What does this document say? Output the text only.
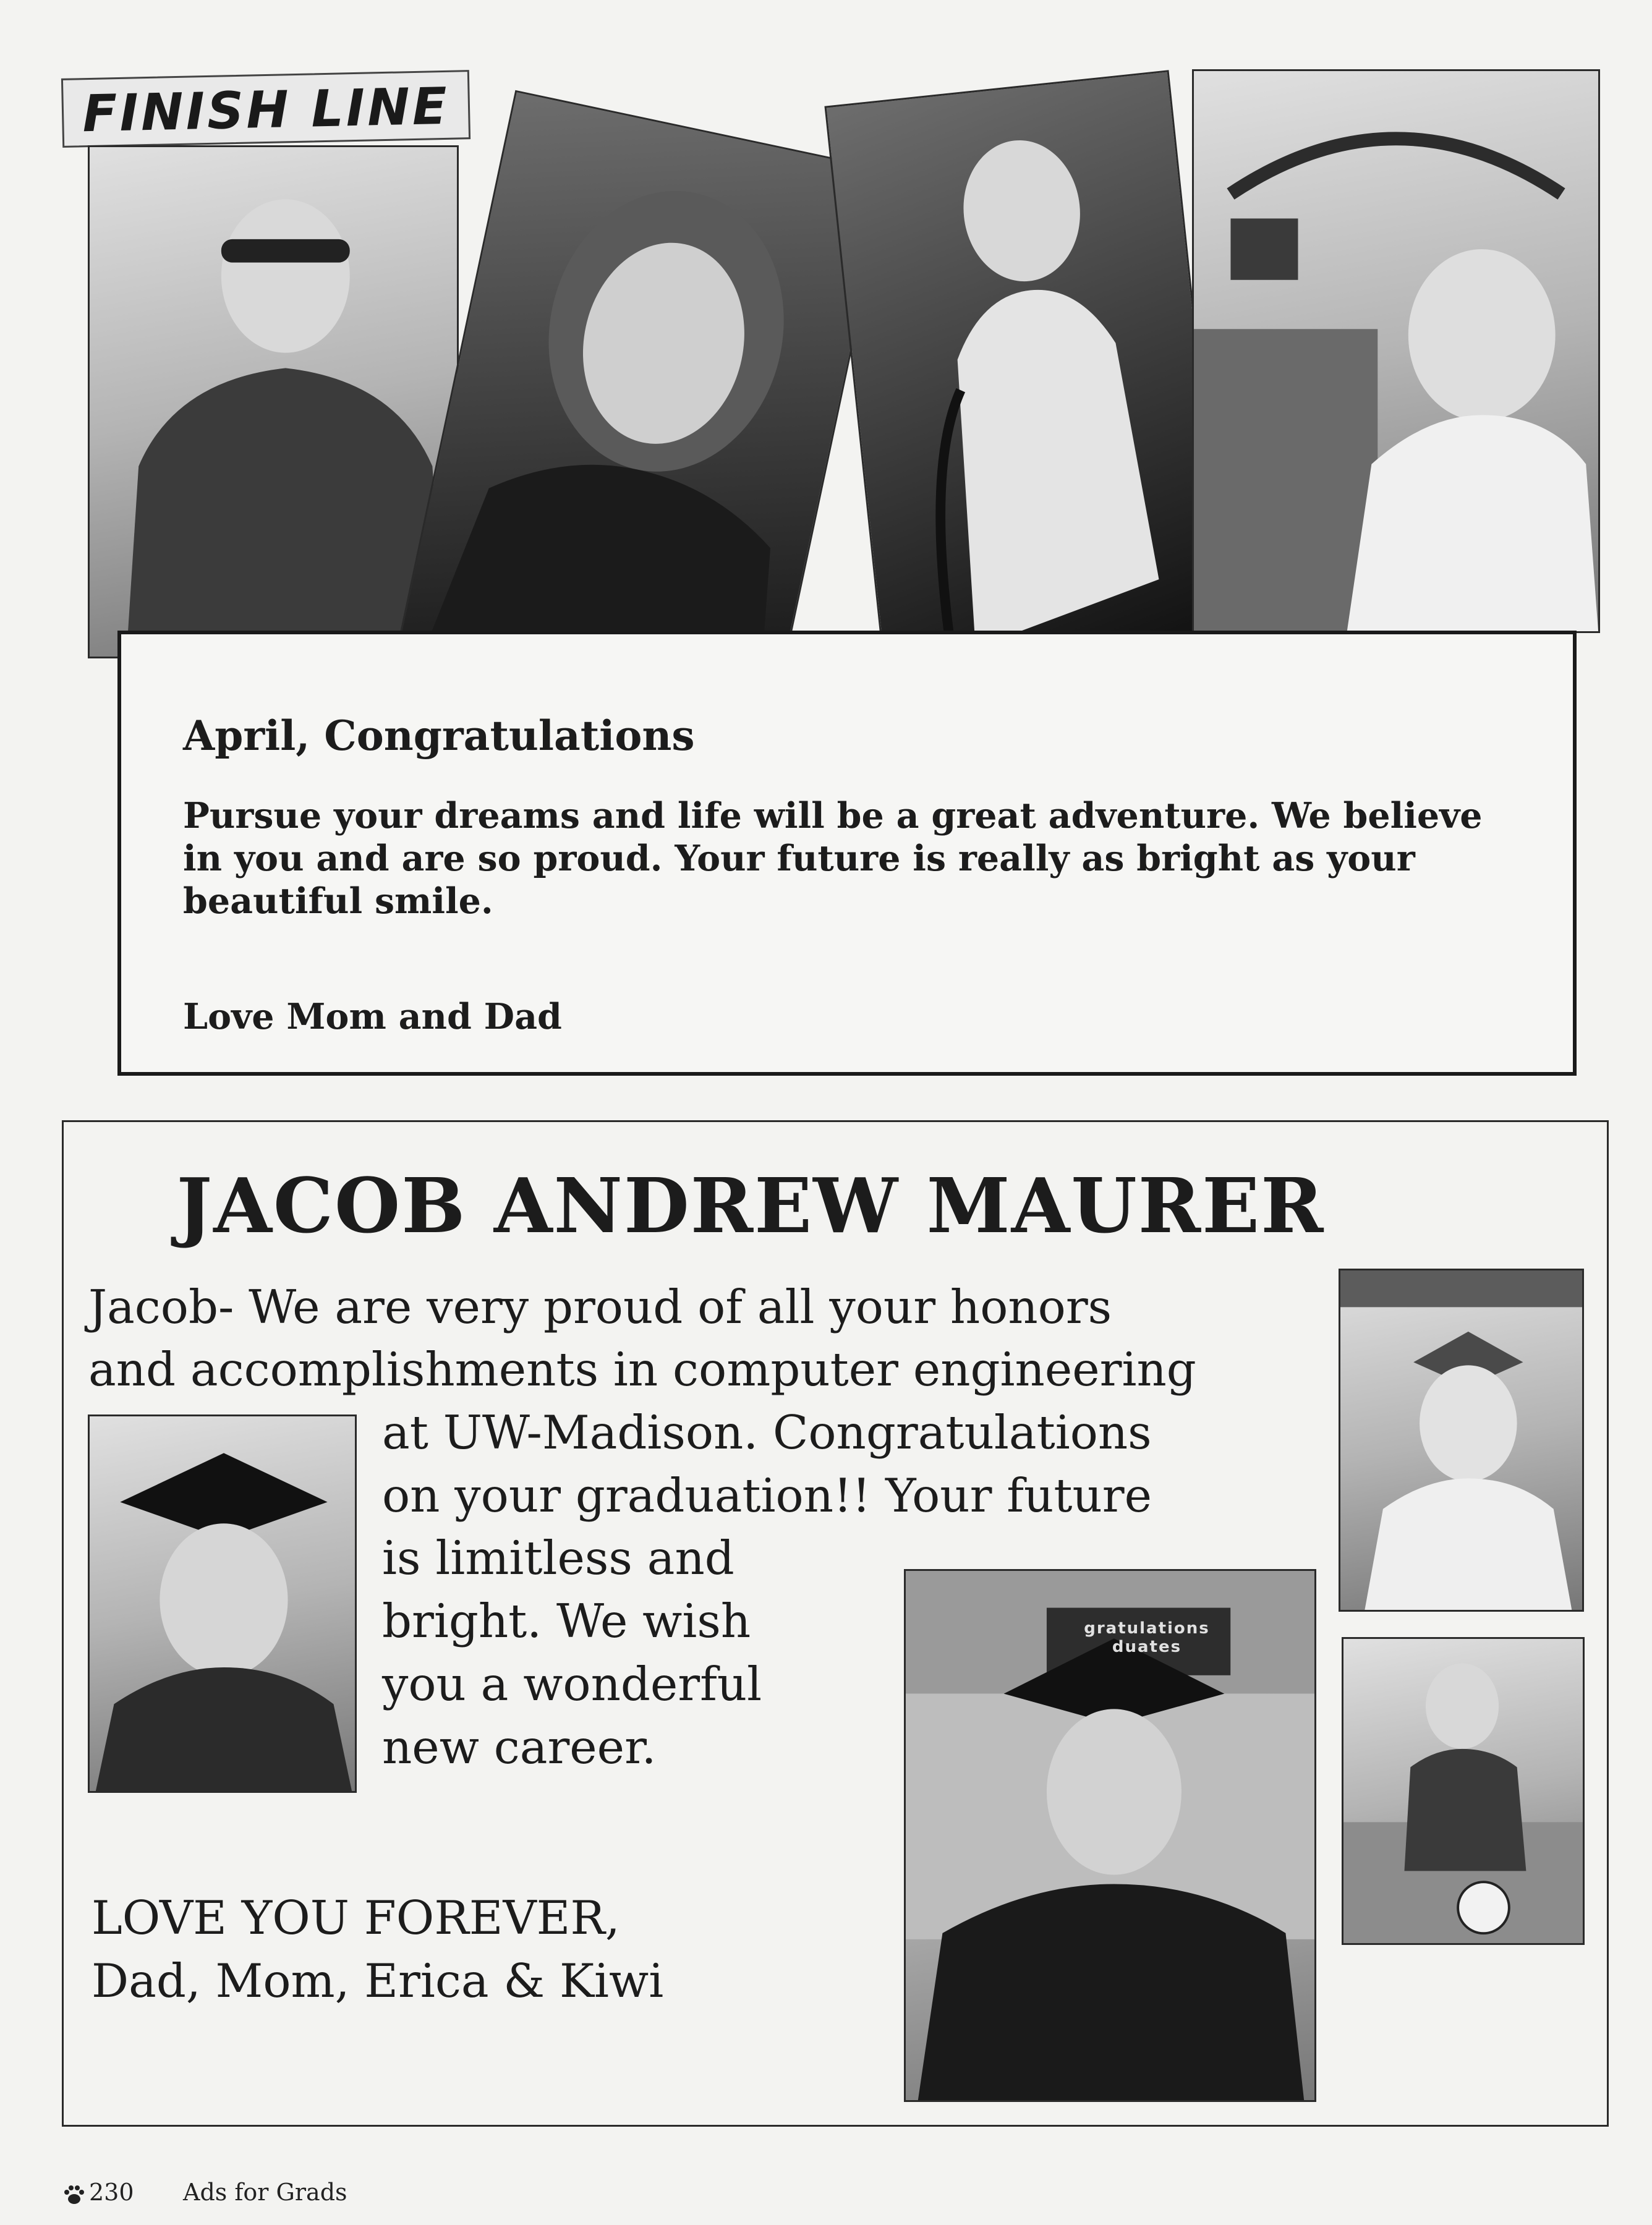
FINISH LINE
April, Congratulations
Pursue your dreams and life will be a great adventure. We believe in you and are so proud. Your future is really as bright as your beautiful smile.
Love Mom and Dad
JACOB ANDREW MAURER
Jacob- We are very proud of all your honors
and accomplishments in computer engineering
at UW-Madison. Congratulations
on your graduation!! Your future
is limitless and
bright. We wish
you a wonderful
new career.
LOVE YOU FOREVER,
Dad, Mom, Erica & Kiwi
gratulations duates
230 Ads for Grads
